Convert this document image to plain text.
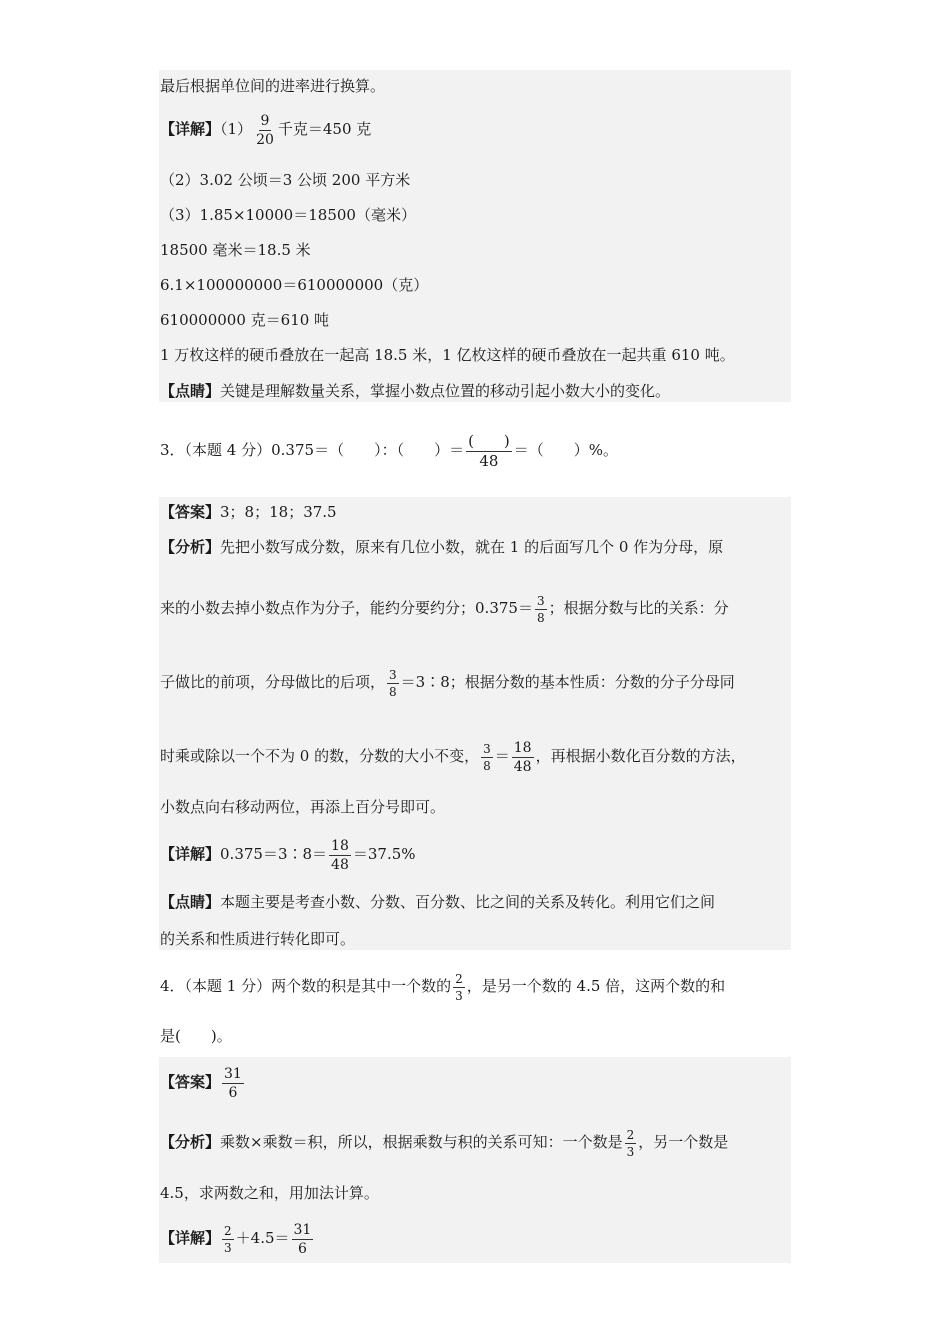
最后根据单位间的进率进行换算。
【详解】$(1) \frac{9}{20}$ 千克＝450 克
（2）3.02 公顷＝3 公顷 200 平方米
（3）1.85×10000＝18500（毫米）
18500 毫米＝18.5 米
6.1×100000000＝610000000（克）
610000000 克＝610 吨
1 万枚这样的硬币叠放在一起高 18.5 米，1 亿枚这样的硬币叠放在一起共重 610 吨。
【点睛】关键是理解数量关系，掌握小数点位置的移动引起小数大小的变化。
3．（本题 4 分）0.375＝（　　）：（　　）＝ $\frac{( )}{48}$ ＝（　　）%。
【答案】3；8；18；37.5
【分析】先把小数写成分数，原来有几位小数，就在 1 的后面写几个 0 作为分母，原
来的小数去掉小数点作为分子，能约分要约分；$0.375= \frac{3}{8}$ ；根据分数与比的关系：分
子做比的前项，分母做比的后项， $\frac{3}{8}$ ＝3∶8；根据分数的基本性质：分数的分子分母同
时乘或除以一个不为 0 的数，分数的大小不变， $\frac{3}{8} = \frac{18}{48}$ ，再根据小数化百分数的方法，
小数点向右移动两位，再添上百分号即可。
【详解】0.375＝3∶8＝ $\frac{18}{48} =37.5\%$
【点睛】本题主要是考查小数、分数、百分数、比之间的关系及转化。利用它们之间
的关系和性质进行转化即可。
4．（本题 1 分）两个数的积是其中一个数的 $\frac{2}{3}$ ，是另一个数的 4.5 倍，这两个数的和
是(　　)。
【答案】 $\frac{31}{6}$
【分析】乘数×乘数＝积，所以，根据乘数与积的关系可知：一个数是 $\frac{2}{3}$ ，另一个数是
4.5，求两数之和，用加法计算。
【详解】 $\frac{2}{3} +4.5= \frac{31}{6}$
